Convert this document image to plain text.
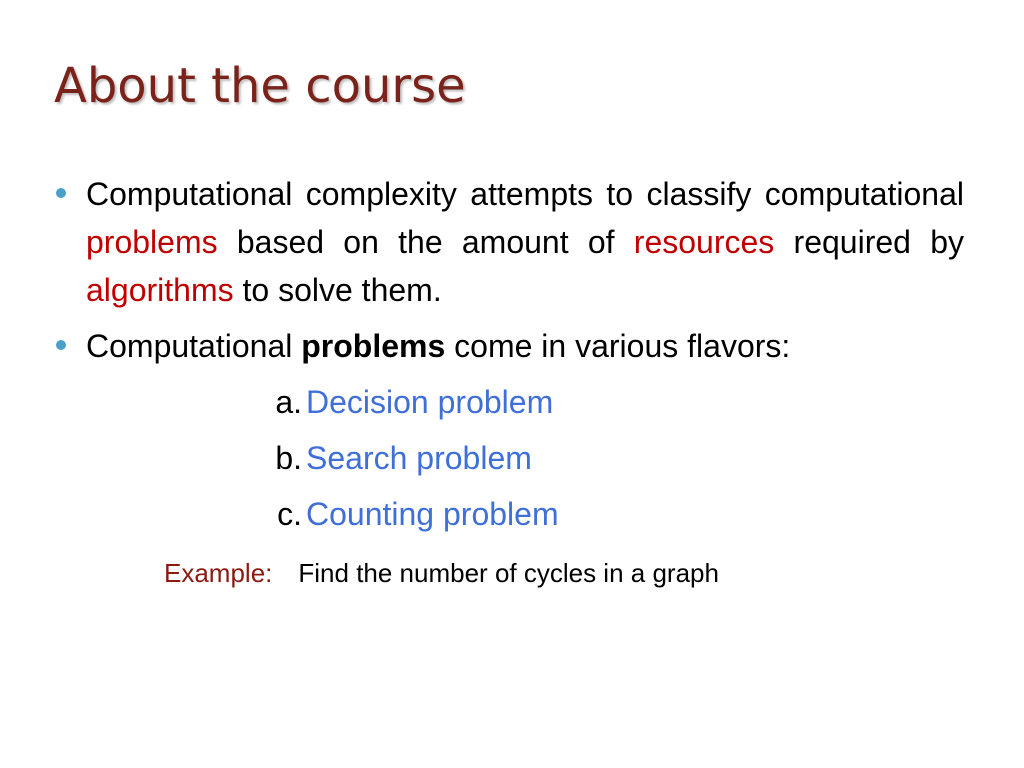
About the course

Computational complexity attempts to classify computational problems based on the amount of resources required by algorithms to solve them.

Computational problems come in various flavors:

a. Decision problem
b. Search problem
c. Counting problem
Example: Find the number of cycles in a graph
